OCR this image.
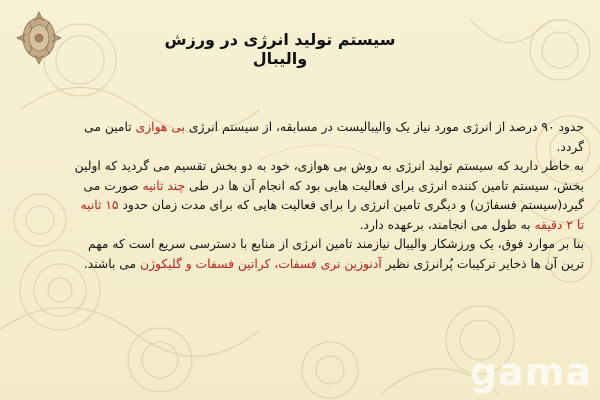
سیستم تولید انرژی در ورزش والیبال

حدود ۹۰ درصد از انرژی مورد نیاز یک والیبالیست در مسابقه، از سیستم انرژی بی هوازی تامین می گردد.

به خاطر دارید که سیستم تولید انرژی به روش بی هوازی، خود به دو بخش تقسیم می گردید که اولین بخش، سیستم تامین کننده انرژی برای فعالیت هایی بود که انجام آن ها در طی چند ثانیه صورت می گیرد(سیستم فسفاژن) و دیگری تامین انرژی را برای فعالیت هایی که برای مدت زمان حدود ۱۵ ثانیه تا ۲ دقیقه به طول می انجامند، برعهده دارد.

بنا بر موارد فوق، یک ورزشکار والیبال نیازمند تامین انرژی از منابع با دسترسی سریع است که مهم ترین آن ها ذخایر ترکیبات پُرانرژی نظیر آدنوزین تری فسفات، کراتین فسفات و گلیکوژن می باشند.

gama
